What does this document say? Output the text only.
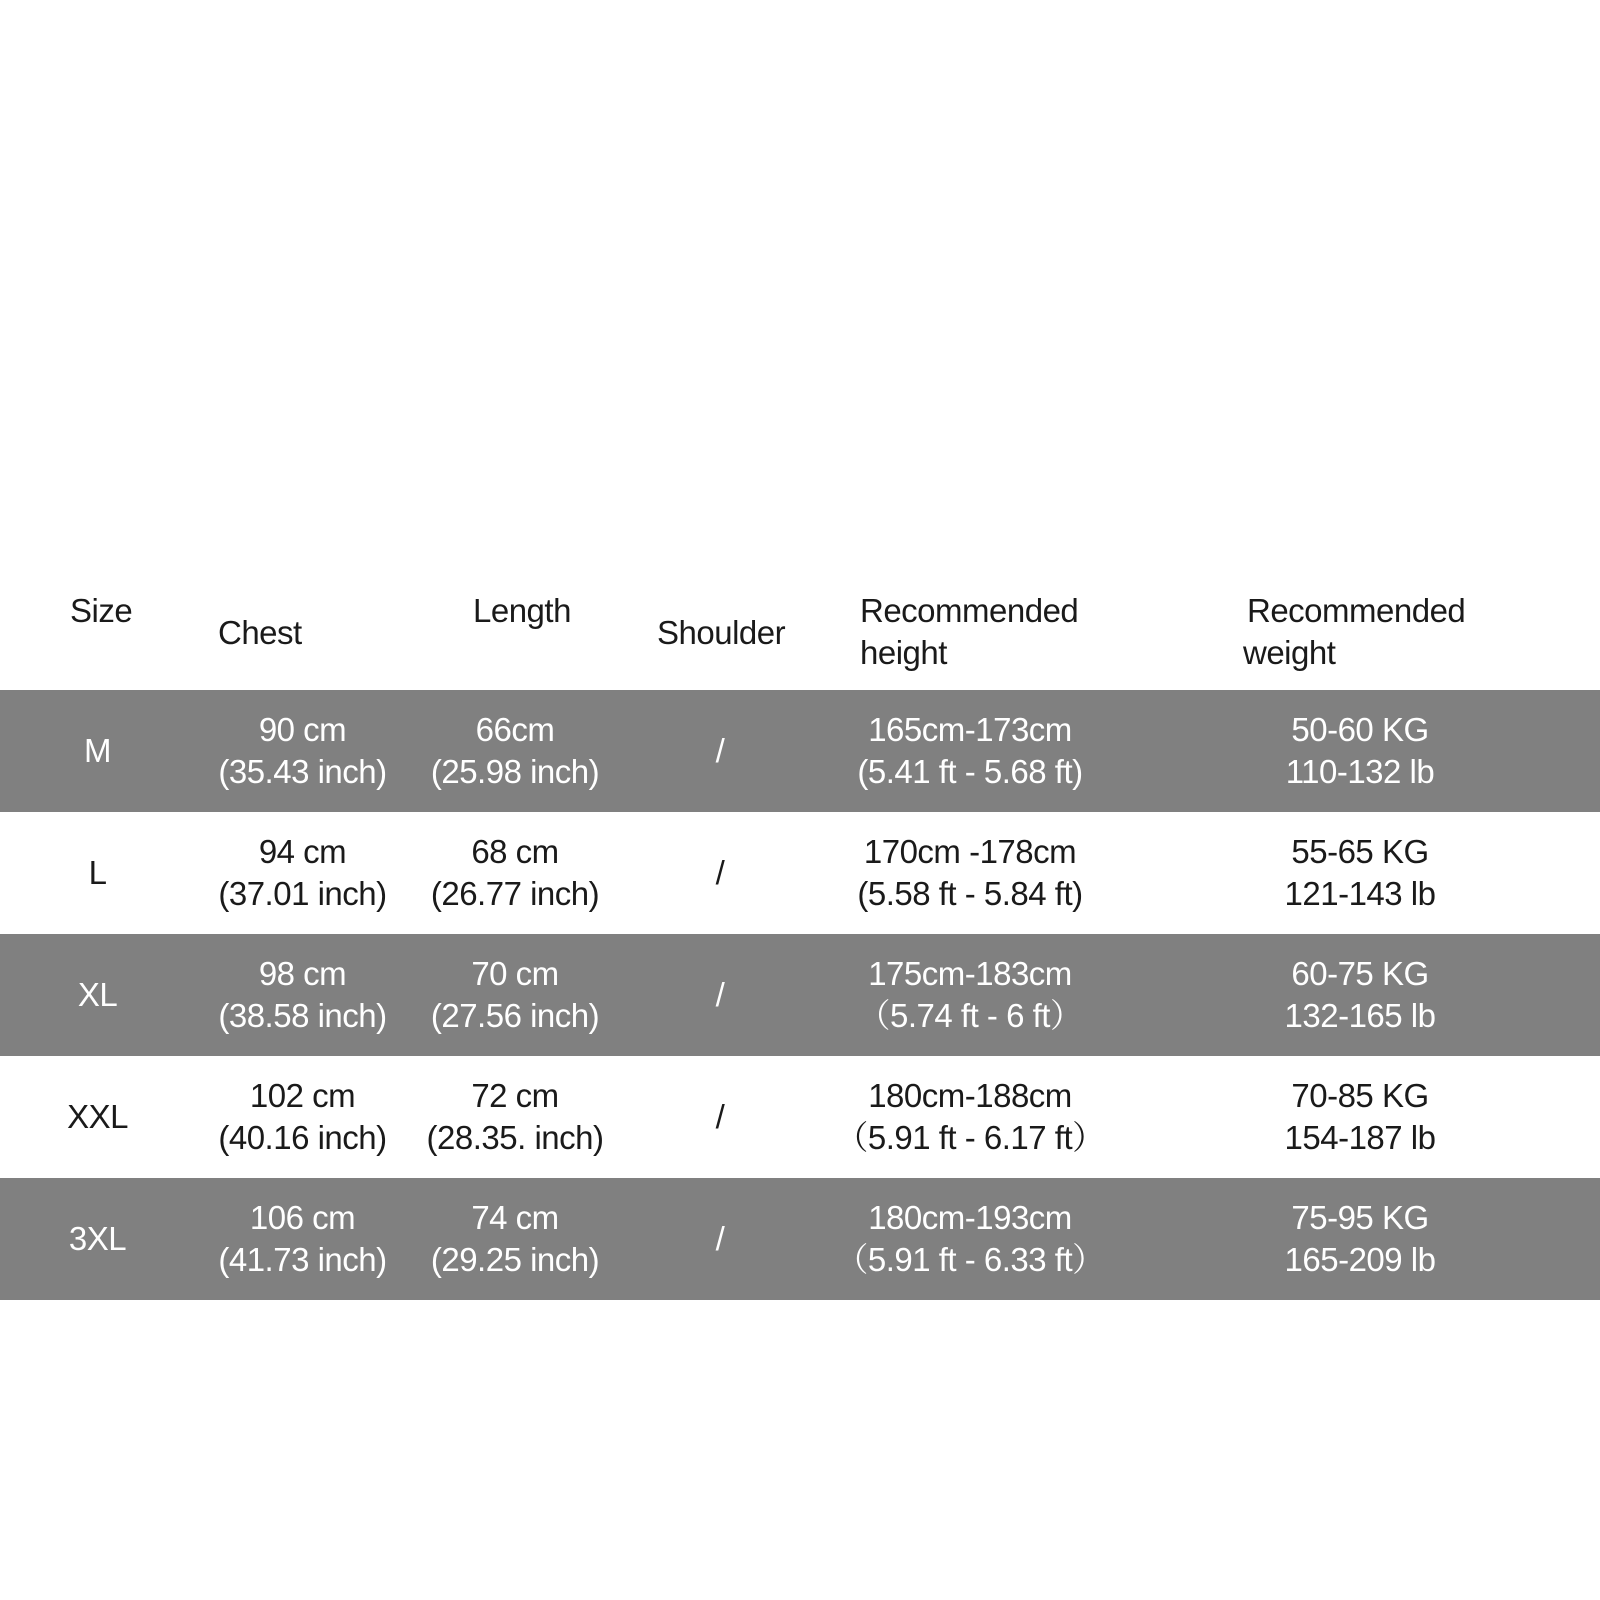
Size
Chest
Length
Shoulder
Recommended
height
Recommended
weight
M
90 cm
(35.43 inch)
66cm
(25.98 inch)
/
165cm-173cm
(5.41 ft - 5.68 ft)
50-60 KG
110-132 lb
L
94 cm
(37.01 inch)
68 cm
(26.77 inch)
/
170cm -178cm
(5.58 ft - 5.84 ft)
55-65 KG
121-143 lb
XL
98 cm
(38.58 inch)
70 cm
(27.56 inch)
/
175cm-183cm
（5.74 ft - 6 ft）
60-75 KG
132-165 lb
XXL
102 cm
(40.16 inch)
72 cm
(28.35. inch)
/
180cm-188cm
（5.91 ft - 6.17 ft）
70-85 KG
154-187 lb
3XL
106 cm
(41.73 inch)
74 cm
(29.25 inch)
/
180cm-193cm
（5.91 ft - 6.33 ft）
75-95 KG
165-209 lb
